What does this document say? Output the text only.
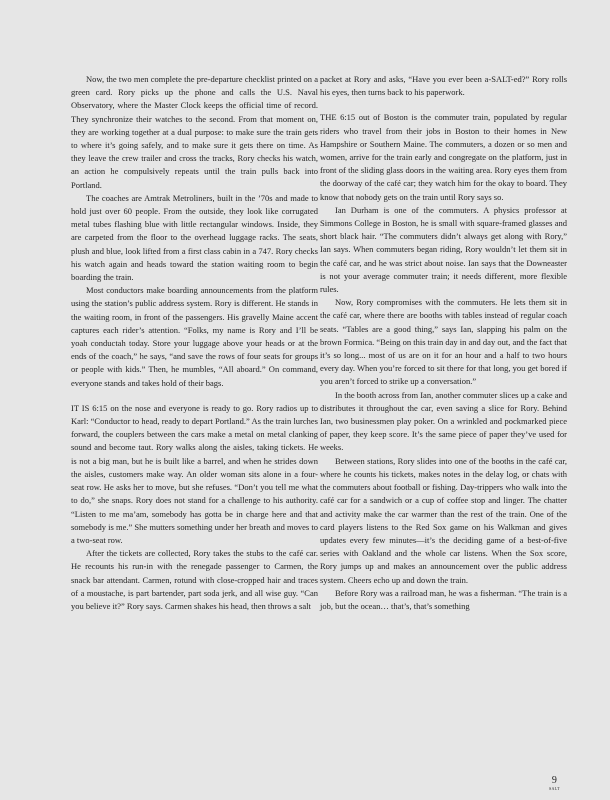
Now, the two men complete the pre-departure checklist printed on a green card. Rory picks up the phone and calls the U.S. Naval Observatory, where the Master Clock keeps the official time of record. They synchronize their watches to the second. From that moment on, they are working together at a dual purpose: to make sure the train gets to where it’s going safely, and to make sure it gets there on time. As they leave the crew trailer and cross the tracks, Rory checks his watch, an action he compulsively repeats until the train pulls back into Portland.

The coaches are Amtrak Metroliners, built in the ’70s and made to hold just over 60 people. From the outside, they look like corrugated metal tubes flashing blue with little rectangular windows. Inside, they are carpeted from the floor to the overhead luggage racks. The seats, plush and blue, look lifted from a first class cabin in a 747. Rory checks his watch again and heads toward the station waiting room to begin boarding the train.

Most conductors make boarding announcements from the platform using the station’s public address system. Rory is different. He stands in the waiting room, in front of the passengers. His gravelly Maine accent captures each rider’s attention. “Folks, my name is Rory and I’ll be yoah conductah today. Store your luggage above your heads or at the ends of the coach,” he says, “and save the rows of four seats for groups or people with kids.” Then, he mumbles, “All aboard.” On command, everyone stands and takes hold of their bags.

IT IS 6:15 on the nose and everyone is ready to go. Rory radios up to Karl: “Conductor to head, ready to depart Portland.” As the train lurches forward, the couplers between the cars make a metal on metal clanking sound and become taut. Rory walks along the aisles, taking tickets. He is not a big man, but he is built like a barrel, and when he strides down the aisles, customers make way. An older woman sits alone in a four-seat row. He asks her to move, but she refuses. “Don’t you tell me what to do,” she snaps. Rory does not stand for a challenge to his authority. “Listen to me ma’am, somebody has gotta be in charge here and that somebody is me.” She mutters something under her breath and moves to a two-seat row.

After the tickets are collected, Rory takes the stubs to the café car. He recounts his run-in with the renegade passenger to Carmen, the snack bar attendant. Carmen, rotund with close-cropped hair and traces of a moustache, is part bartender, part soda jerk, and all wise guy. “Can you believe it?” Rory says. Carmen shakes his head, then throws a salt

packet at Rory and asks, “Have you ever been a-SALT-ed?” Rory rolls his eyes, then turns back to his paperwork.

THE 6:15 out of Boston is the commuter train, populated by regular riders who travel from their jobs in Boston to their homes in New Hampshire or Southern Maine. The commuters, a dozen or so men and women, arrive for the train early and congregate on the platform, just in front of the sliding glass doors in the waiting area. Rory eyes them from the doorway of the café car; they watch him for the okay to board. They know that nobody gets on the train until Rory says so.

Ian Durham is one of the commuters. A physics professor at Simmons College in Boston, he is small with square-framed glasses and short black hair. “The commuters didn’t always get along with Rory,” Ian says. When commuters began riding, Rory wouldn’t let them sit in the café car, and he was strict about noise. Ian says that the Downeaster is not your average commuter train; it needs different, more flexible rules.

Now, Rory compromises with the commuters. He lets them sit in the café car, where there are booths with tables instead of regular coach seats. “Tables are a good thing,” says Ian, slapping his palm on the brown Formica. “Being on this train day in and day out, and the fact that it’s so long... most of us are on it for an hour and a half to two hours every day. When you’re forced to sit there for that long, you get bored if you aren’t forced to strike up a conversation.”

In the booth across from Ian, another commuter slices up a cake and distributes it throughout the car, even saving a slice for Rory. Behind Ian, two businessmen play poker. On a wrinkled and pockmarked piece of paper, they keep score. It’s the same piece of paper they’ve used for weeks.

Between stations, Rory slides into one of the booths in the café car, where he counts his tickets, makes notes in the delay log, or chats with the commuters about football or fishing. Day-trippers who walk into the café car for a sandwich or a cup of coffee stop and linger. The chatter and activity make the car warmer than the rest of the train. One of the card players listens to the Red Sox game on his Walkman and gives updates every few minutes—it’s the deciding game of a best-of-five series with Oakland and the whole car listens. When the Sox score, Rory jumps up and makes an announcement over the public address system. Cheers echo up and down the train.

Before Rory was a railroad man, he was a fisherman. “The train is a job, but the ocean… that’s, that’s something

9
SALT
